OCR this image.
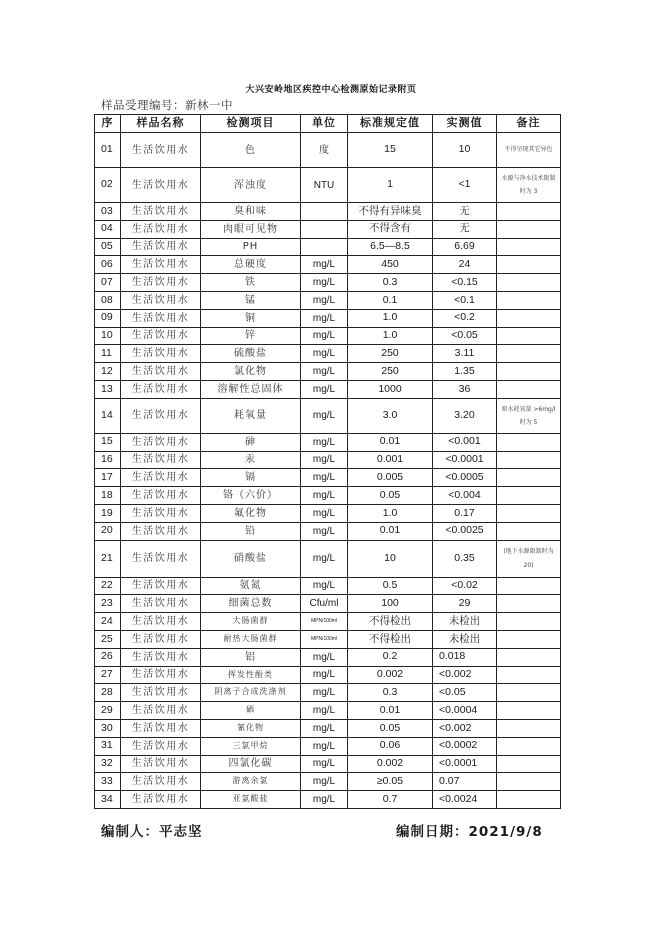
大兴安岭地区疾控中心检测原始记录附页
样品受理编号：新林一中
序	样品名称	检测项目	单位	标准规定值	实测值	备注
01	生活饮用水	色	度	15	10	不得呈现其它异色
02	生活饮用水	浑浊度	NTU	1	<1	水源与净水技术限制时为 3
03	生活饮用水	臭和味		不得有异味臭	无	
04	生活饮用水	肉眼可见物		不得含有	无	
05	生活饮用水	PH		6.5—8.5	6.69	
06	生活饮用水	总硬度	mg/L	450	24	
07	生活饮用水	铁	mg/L	0.3	<0.15	
08	生活饮用水	锰	mg/L	0.1	<0.1	
09	生活饮用水	铜	mg/L	1.0	<0.2	
10	生活饮用水	锌	mg/L	1.0	<0.05	
11	生活饮用水	硫酸盐	mg/L	250	3.11	
12	生活饮用水	氯化物	mg/L	250	1.35	
13	生活饮用水	溶解性总固体	mg/L	1000	36	
14	生活饮用水	耗氧量	mg/L	3.0	3.20	原水耗氧量 >6mg/l 时为 5
15	生活饮用水	砷	mg/L	0.01	<0.001	
16	生活饮用水	汞	mg/L	0.001	<0.0001	
17	生活饮用水	镉	mg/L	0.005	<0.0005	
18	生活饮用水	铬（六价）	mg/L	0.05	<0.004	
19	生活饮用水	氟化物	mg/L	1.0	0.17	
20	生活饮用水	铅	mg/L	0.01	<0.0025	
21	生活饮用水	硝酸盐	mg/L	10	0.35	(地下水源限制时为 20)
22	生活饮用水	氨氮	mg/L	0.5	<0.02	
23	生活饮用水	细菌总数	Cfu/ml	100	29	
24	生活饮用水	大肠菌群	MPN/100ml	不得检出	未检出	
25	生活饮用水	耐热大肠菌群	MPN/100ml	不得检出	未检出	
26	生活饮用水	铝	mg/L	0.2	0.018	
27	生活饮用水	挥发性酚类	mg/L	0.002	<0.002	
28	生活饮用水	阴离子合成洗涤剂	mg/L	0.3	<0.05	
29	生活饮用水	硒	mg/L	0.01	<0.0004	
30	生活饮用水	氰化物	mg/L	0.05	<0.002	
31	生活饮用水	三氯甲烷	mg/L	0.06	<0.0002	
32	生活饮用水	四氯化碳	mg/L	0.002	<0.0001	
33	生活饮用水	游离余氯	mg/L	≥0.05	0.07	
34	生活饮用水	亚氯酸盐	mg/L	0.7	<0.0024	
编制人：平志坚	编制日期：2021/9/8
